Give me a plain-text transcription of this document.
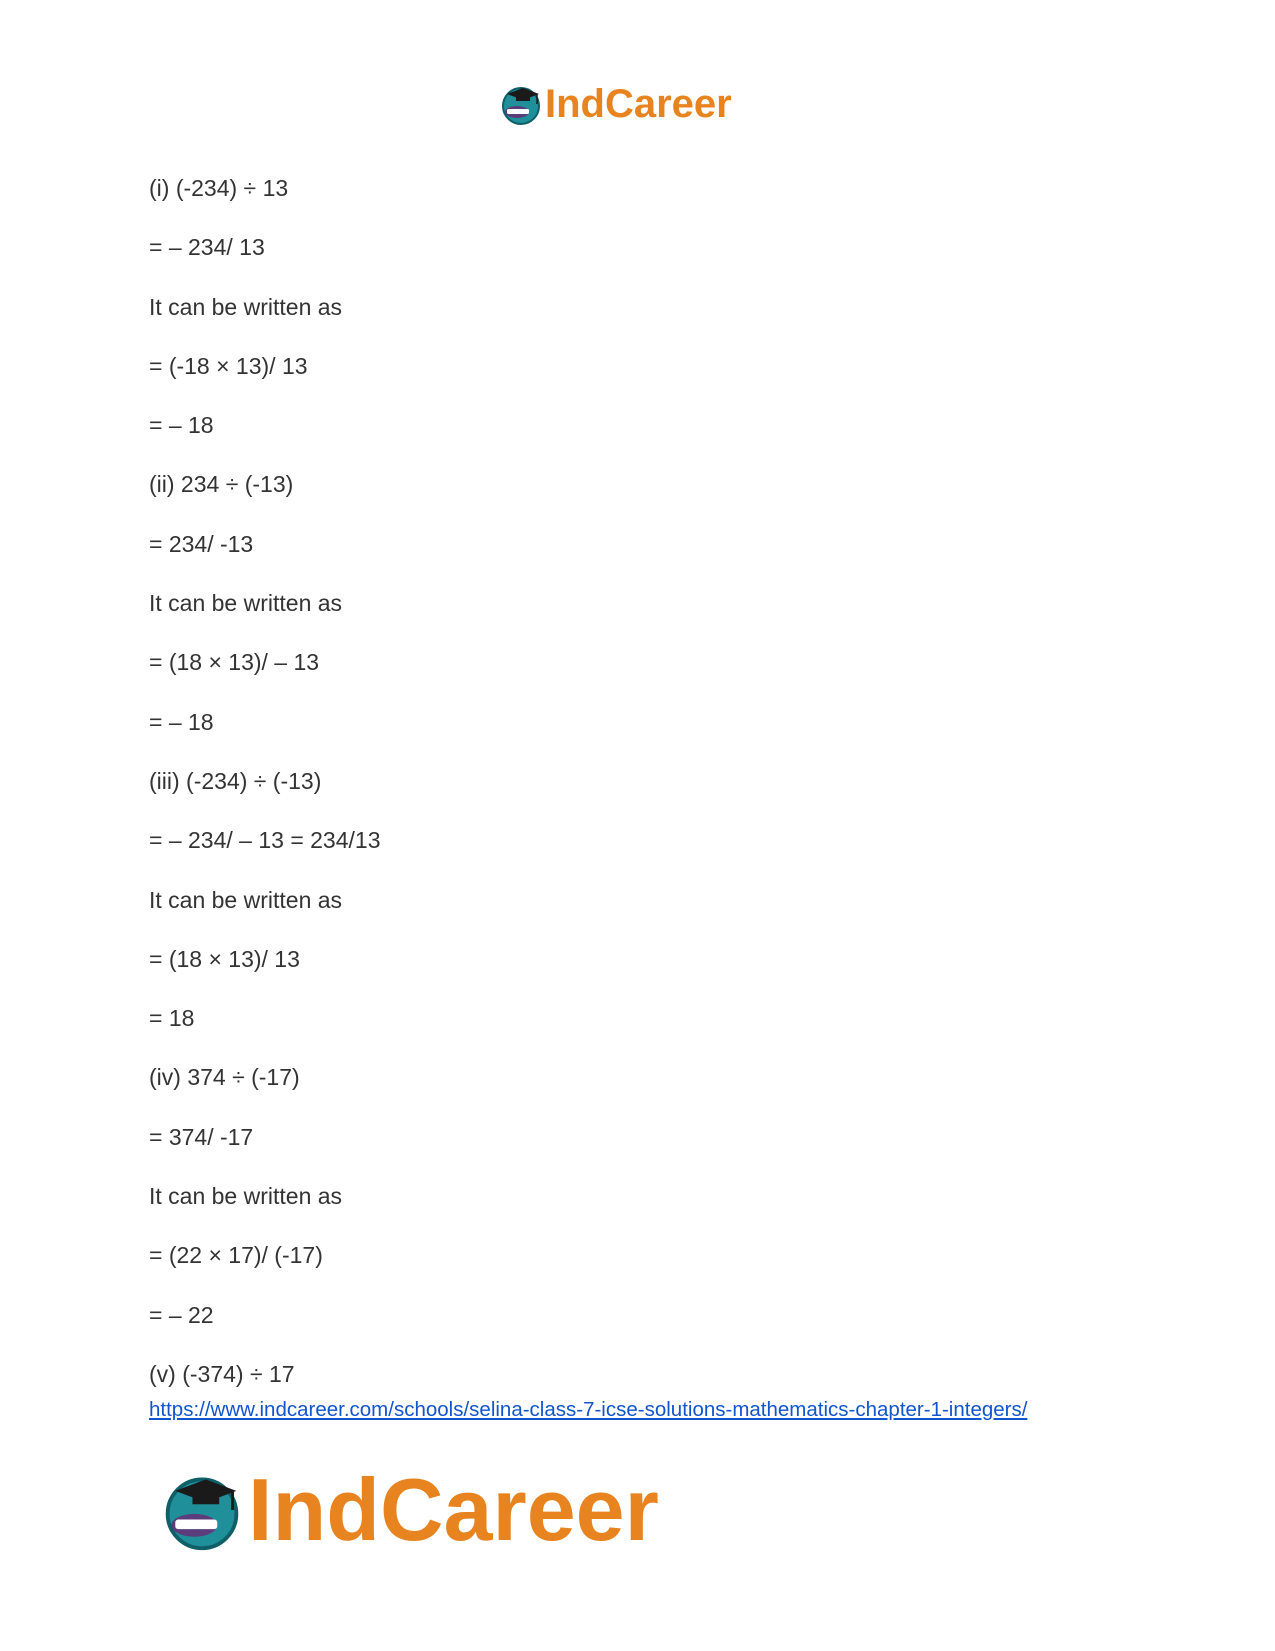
IndCareer
(i) (-234) ÷ 13
= – 234/ 13
It can be written as
= (-18 × 13)/ 13
= – 18
(ii) 234 ÷ (-13)
= 234/ -13
It can be written as
= (18 × 13)/ – 13
= – 18
(iii) (-234) ÷ (-13)
= – 234/ – 13 = 234/13
It can be written as
= (18 × 13)/ 13
= 18
(iv) 374 ÷ (-17)
= 374/ -17
It can be written as
= (22 × 17)/ (-17)
= – 22
(v) (-374) ÷ 17
https://www.indcareer.com/schools/selina-class-7-icse-solutions-mathematics-chapter-1-integers/
IndCareer
